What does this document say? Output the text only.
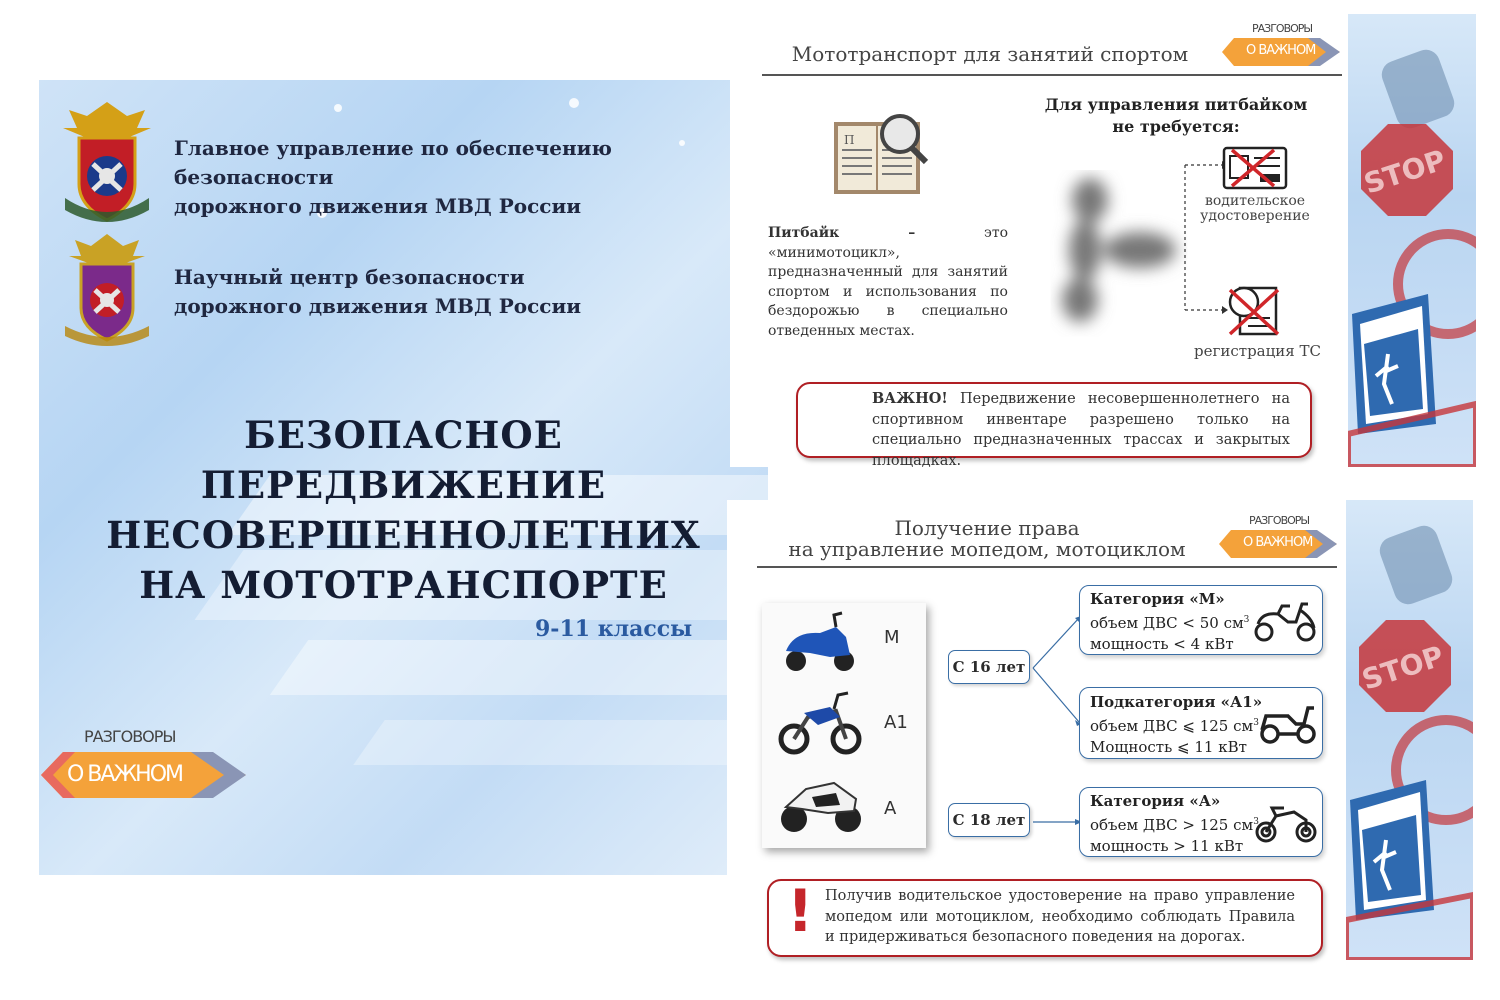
Главное управление по обеспечению безопасности
дорожного движения МВД России
Научный центр безопасности
дорожного движения МВД России
БЕЗОПАСНОЕ
ПЕРЕДВИЖЕНИЕ
НЕСОВЕРШЕННОЛЕТНИХ
НА МОТОТРАНСПОРТЕ
9-11 классы
РАЗГОВОРЫ
О ВАЖНОМ
Мототранспорт для занятий спортом
РАЗГОВОРЫ
О ВАЖНОМ
П
Питбайк –	это «минимотоцикл», предназначенный для занятий спортом и использования по бездорожью в специально отведенных местах.
Для управления питбайком
не требуется:
водительское
удостоверение
регистрация ТС
ВАЖНО! Передвижение несовершеннолетнего на спортивном инвентаре разрешено только на специально предназначенных трассах и закрытых площадках.
STOP
Получение права
на управление мопедом, мотоциклом
РАЗГОВОРЫ
О ВАЖНОМ
С 16 лет
С 18 лет
Категория «М»
объем ДВС < 50 $см^3$
мощность < 4 кВт
Подкатегория «А1»
объем ДВС ⩽ 125 $см^3$
Мощность ⩽ 11 кВт
Категория «А»
объем ДВС > 125 $см^3$
мощность > 11 кВт
! Получив водительское удостоверение на право управление мопедом или мотоциклом, необходимо соблюдать Правила и придерживаться безопасного поведения на дорогах.
M
A1
A
STOP
